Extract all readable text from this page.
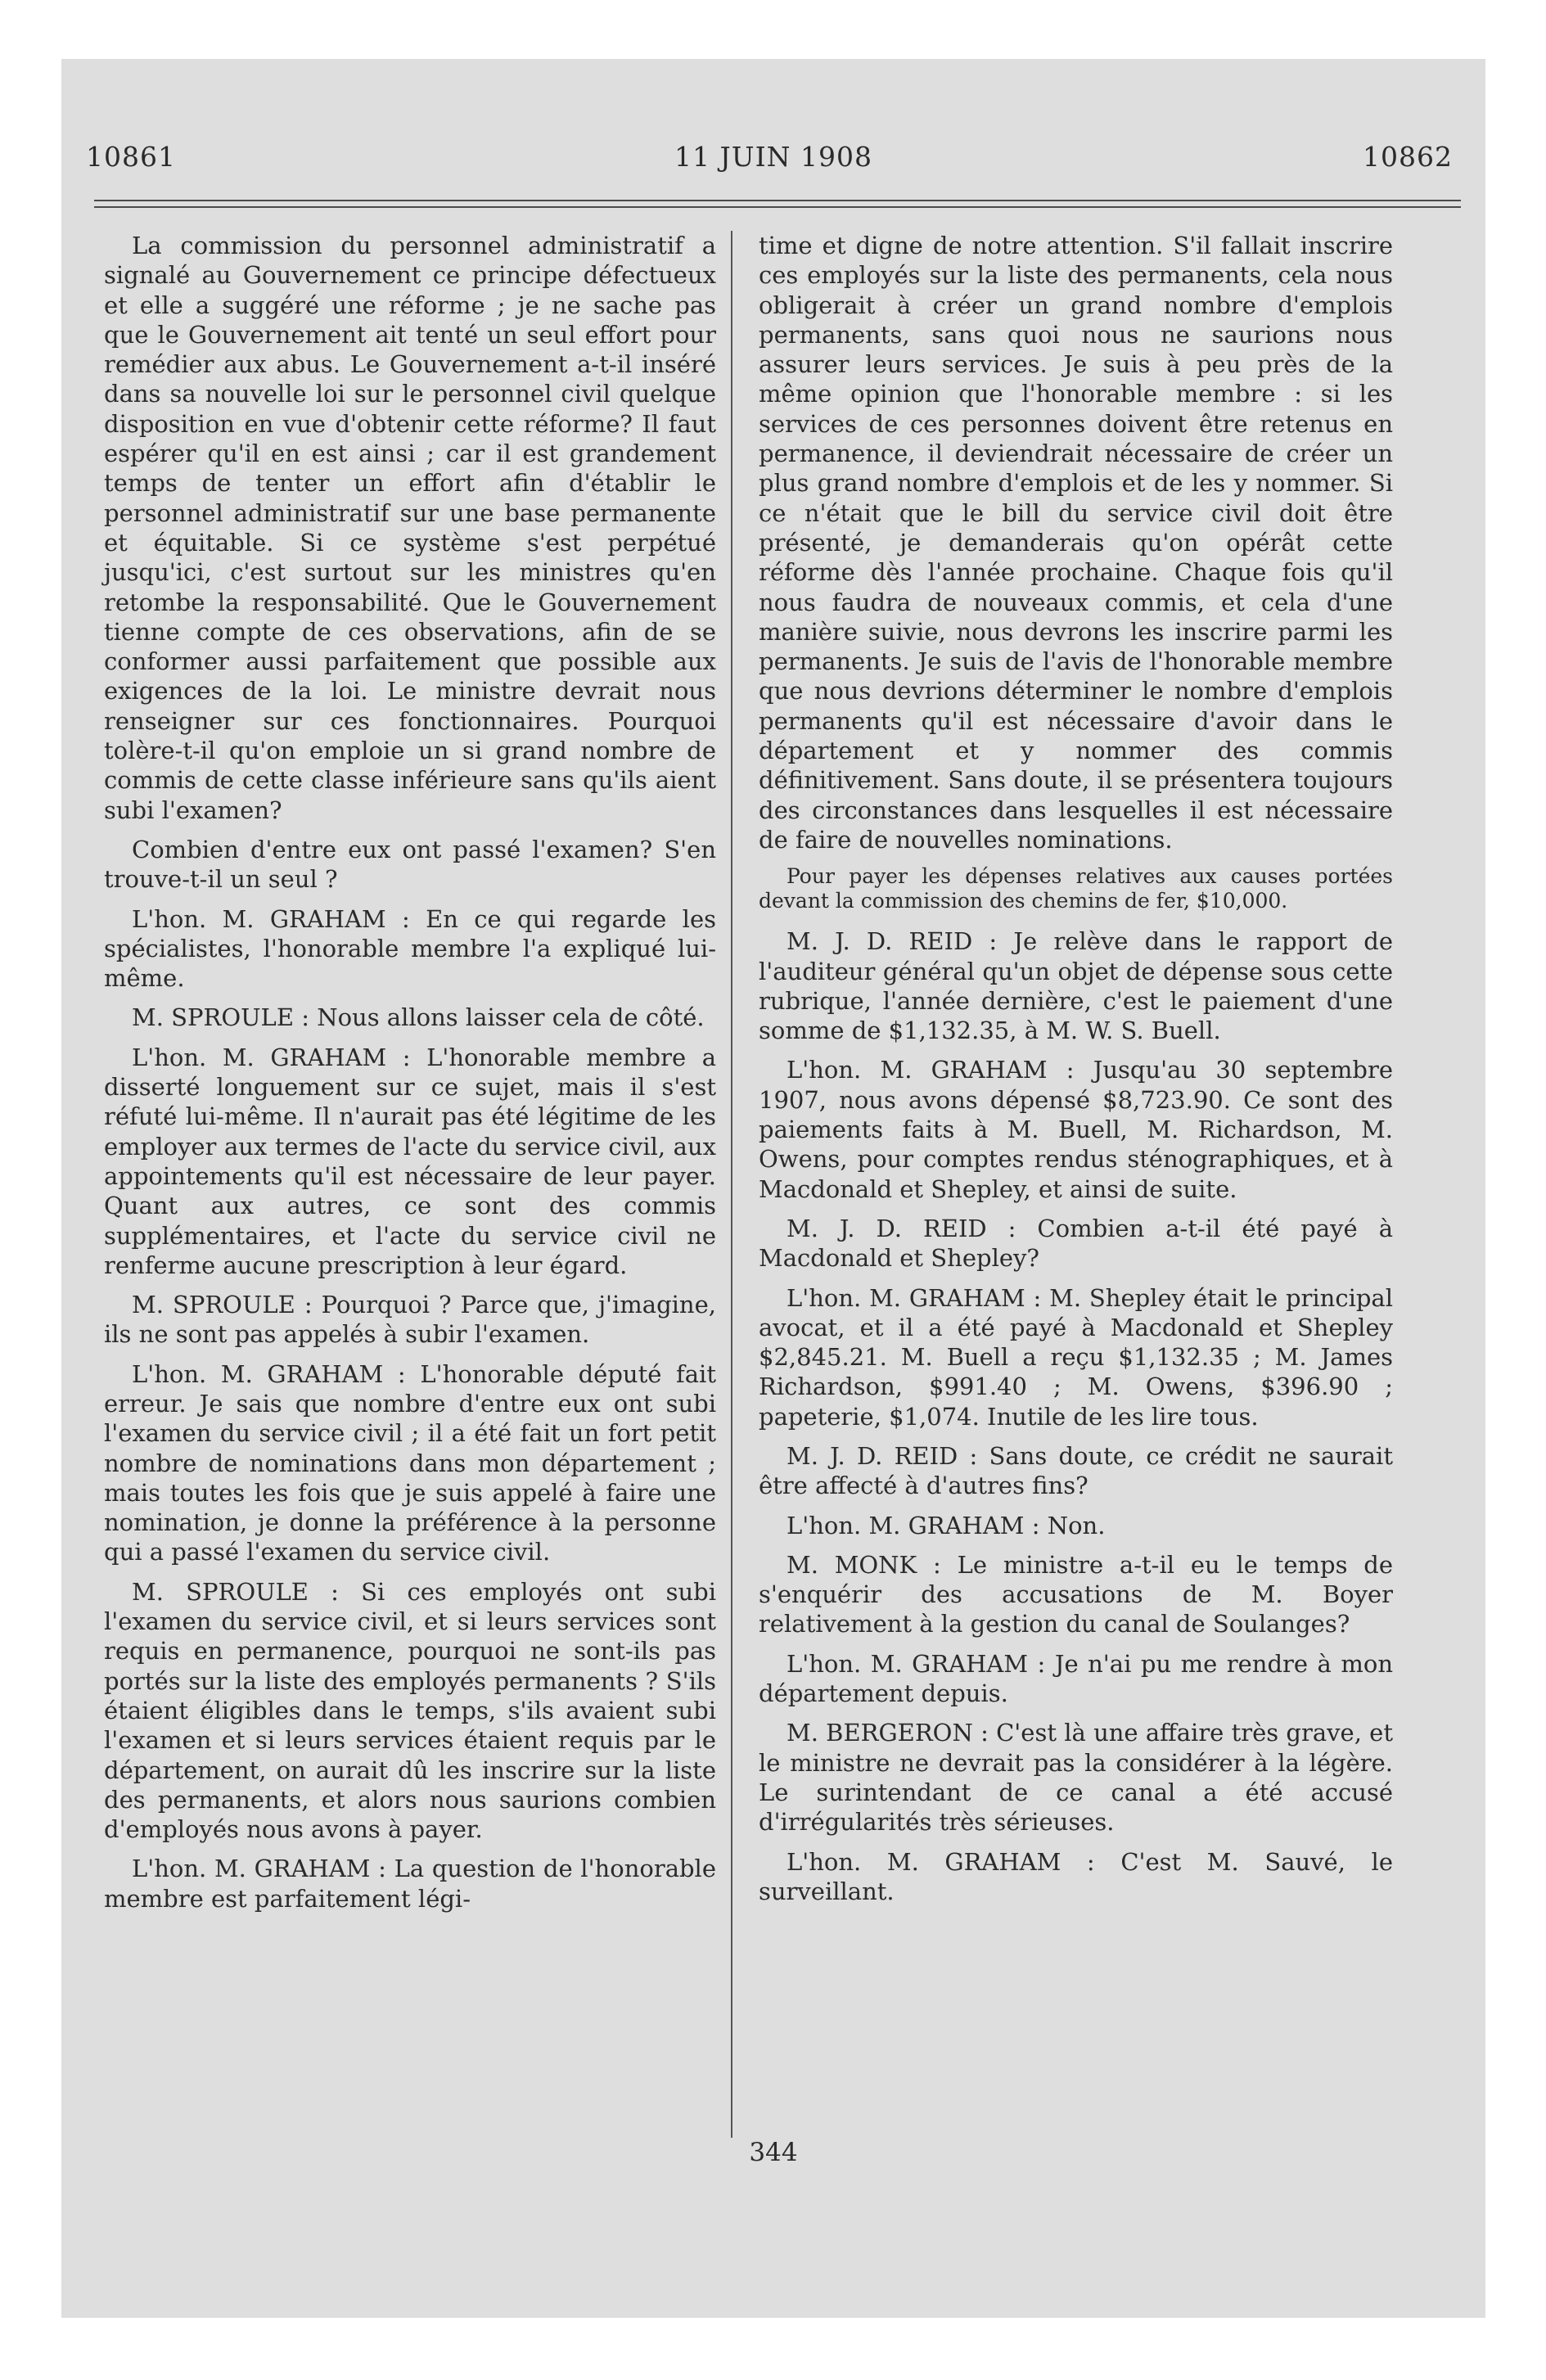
10861	11 JUIN 1908	10862

La commission du personnel administratif a signalé au Gouvernement ce principe défectueux et elle a suggéré une réforme ; je ne sache pas que le Gouvernement ait tenté un seul effort pour remédier aux abus. Le Gouvernement a-t-il inséré dans sa nouvelle loi sur le personnel civil quelque disposition en vue d'obtenir cette réforme? Il faut espérer qu'il en est ainsi ; car il est grandement temps de tenter un effort afin d'établir le personnel administratif sur une base permanente et équitable. Si ce système s'est perpétué jusqu'ici, c'est surtout sur les ministres qu'en retombe la responsabilité. Que le Gouvernement tienne compte de ces observations, afin de se conformer aussi parfaitement que possible aux exigences de la loi. Le ministre devrait nous renseigner sur ces fonctionnaires. Pourquoi tolère-t-il qu'on emploie un si grand nombre de commis de cette classe inférieure sans qu'ils aient subi l'examen?

Combien d'entre eux ont passé l'examen? S'en trouve-t-il un seul ?

L'hon. M. GRAHAM : En ce qui regarde les spécialistes, l'honorable membre l'a expliqué lui-même.

M. SPROULE : Nous allons laisser cela de côté.

L'hon. M. GRAHAM : L'honorable membre a disserté longuement sur ce sujet, mais il s'est réfuté lui-même. Il n'aurait pas été légitime de les employer aux termes de l'acte du service civil, aux appointements qu'il est nécessaire de leur payer. Quant aux autres, ce sont des commis supplémentaires, et l'acte du service civil ne renferme aucune prescription à leur égard.

M. SPROULE : Pourquoi ? Parce que, j'imagine, ils ne sont pas appelés à subir l'examen.

L'hon. M. GRAHAM : L'honorable député fait erreur. Je sais que nombre d'entre eux ont subi l'examen du service civil ; il a été fait un fort petit nombre de nominations dans mon département ; mais toutes les fois que je suis appelé à faire une nomination, je donne la préférence à la personne qui a passé l'examen du service civil.

M. SPROULE : Si ces employés ont subi l'examen du service civil, et si leurs services sont requis en permanence, pourquoi ne sont-ils pas portés sur la liste des employés permanents ? S'ils étaient éligibles dans le temps, s'ils avaient subi l'examen et si leurs services étaient requis par le département, on aurait dû les inscrire sur la liste des permanents, et alors nous saurions combien d'employés nous avons à payer.

L'hon. M. GRAHAM : La question de l'honorable membre est parfaitement légi-

time et digne de notre attention. S'il fallait inscrire ces employés sur la liste des permanents, cela nous obligerait à créer un grand nombre d'emplois permanents, sans quoi nous ne saurions nous assurer leurs services. Je suis à peu près de la même opinion que l'honorable membre : si les services de ces personnes doivent être retenus en permanence, il deviendrait nécessaire de créer un plus grand nombre d'emplois et de les y nommer. Si ce n'était que le bill du service civil doit être présenté, je demanderais qu'on opérât cette réforme dès l'année prochaine. Chaque fois qu'il nous faudra de nouveaux commis, et cela d'une manière suivie, nous devrons les inscrire parmi les permanents. Je suis de l'avis de l'honorable membre que nous devrions déterminer le nombre d'emplois permanents qu'il est nécessaire d'avoir dans le département et y nommer des commis définitivement. Sans doute, il se présentera toujours des circonstances dans lesquelles il est nécessaire de faire de nouvelles nominations.

Pour payer les dépenses relatives aux causes portées devant la commission des chemins de fer, $10,000.

M. J. D. REID : Je relève dans le rapport de l'auditeur général qu'un objet de dépense sous cette rubrique, l'année dernière, c'est le paiement d'une somme de $1,132.35, à M. W. S. Buell.

L'hon. M. GRAHAM : Jusqu'au 30 septembre 1907, nous avons dépensé $8,723.90. Ce sont des paiements faits à M. Buell, M. Richardson, M. Owens, pour comptes rendus sténographiques, et à Macdonald et Shepley, et ainsi de suite.

M. J. D. REID : Combien a-t-il été payé à Macdonald et Shepley?

L'hon. M. GRAHAM : M. Shepley était le principal avocat, et il a été payé à Macdonald et Shepley $2,845.21. M. Buell a reçu $1,132.35 ; M. James Richardson, $991.40 ; M. Owens, $396.90 ; papeterie, $1,074. Inutile de les lire tous.

M. J. D. REID : Sans doute, ce crédit ne saurait être affecté à d'autres fins?

L'hon. M. GRAHAM : Non.

M. MONK : Le ministre a-t-il eu le temps de s'enquérir des accusations de M. Boyer relativement à la gestion du canal de Soulanges?

L'hon. M. GRAHAM : Je n'ai pu me rendre à mon département depuis.

M. BERGERON : C'est là une affaire très grave, et le ministre ne devrait pas la considérer à la légère. Le surintendant de ce canal a été accusé d'irrégularités très sérieuses.

L'hon. M. GRAHAM : C'est M. Sauvé, le surveillant.

344
